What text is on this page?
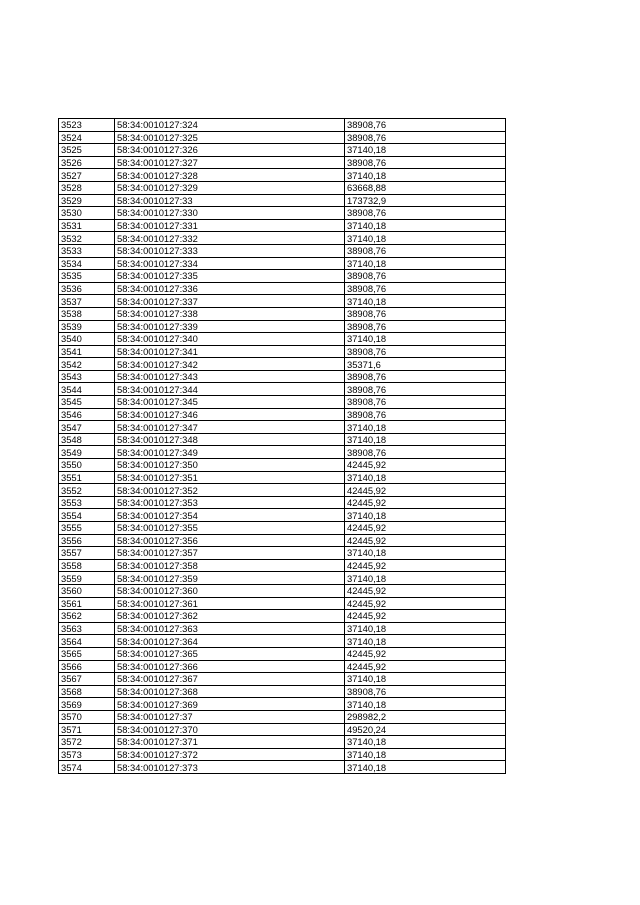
3523	58:34:0010127:324	38908,76
3524	58:34:0010127:325	38908,76
3525	58:34:0010127:326	37140,18
3526	58:34:0010127:327	38908,76
3527	58:34:0010127:328	37140,18
3528	58:34:0010127:329	63668,88
3529	58:34:0010127:33	173732,9
3530	58:34:0010127:330	38908,76
3531	58:34:0010127:331	37140,18
3532	58:34:0010127:332	37140,18
3533	58:34:0010127:333	38908,76
3534	58:34:0010127:334	37140,18
3535	58:34:0010127:335	38908,76
3536	58:34:0010127:336	38908,76
3537	58:34:0010127:337	37140,18
3538	58:34:0010127:338	38908,76
3539	58:34:0010127:339	38908,76
3540	58:34:0010127:340	37140,18
3541	58:34:0010127:341	38908,76
3542	58:34:0010127:342	35371,6
3543	58:34:0010127:343	38908,76
3544	58:34:0010127:344	38908,76
3545	58:34:0010127:345	38908,76
3546	58:34:0010127:346	38908,76
3547	58:34:0010127:347	37140,18
3548	58:34:0010127:348	37140,18
3549	58:34:0010127:349	38908,76
3550	58:34:0010127:350	42445,92
3551	58:34:0010127:351	37140,18
3552	58:34:0010127:352	42445,92
3553	58:34:0010127:353	42445,92
3554	58:34:0010127:354	37140,18
3555	58:34:0010127:355	42445,92
3556	58:34:0010127:356	42445,92
3557	58:34:0010127:357	37140,18
3558	58:34:0010127:358	42445,92
3559	58:34:0010127:359	37140,18
3560	58:34:0010127:360	42445,92
3561	58:34:0010127:361	42445,92
3562	58:34:0010127:362	42445,92
3563	58:34:0010127:363	37140,18
3564	58:34:0010127:364	37140,18
3565	58:34:0010127:365	42445,92
3566	58:34:0010127:366	42445,92
3567	58:34:0010127:367	37140,18
3568	58:34:0010127:368	38908,76
3569	58:34:0010127:369	37140,18
3570	58:34:0010127:37	298982,2
3571	58:34:0010127:370	49520,24
3572	58:34:0010127:371	37140,18
3573	58:34:0010127:372	37140,18
3574	58:34:0010127:373	37140,18
